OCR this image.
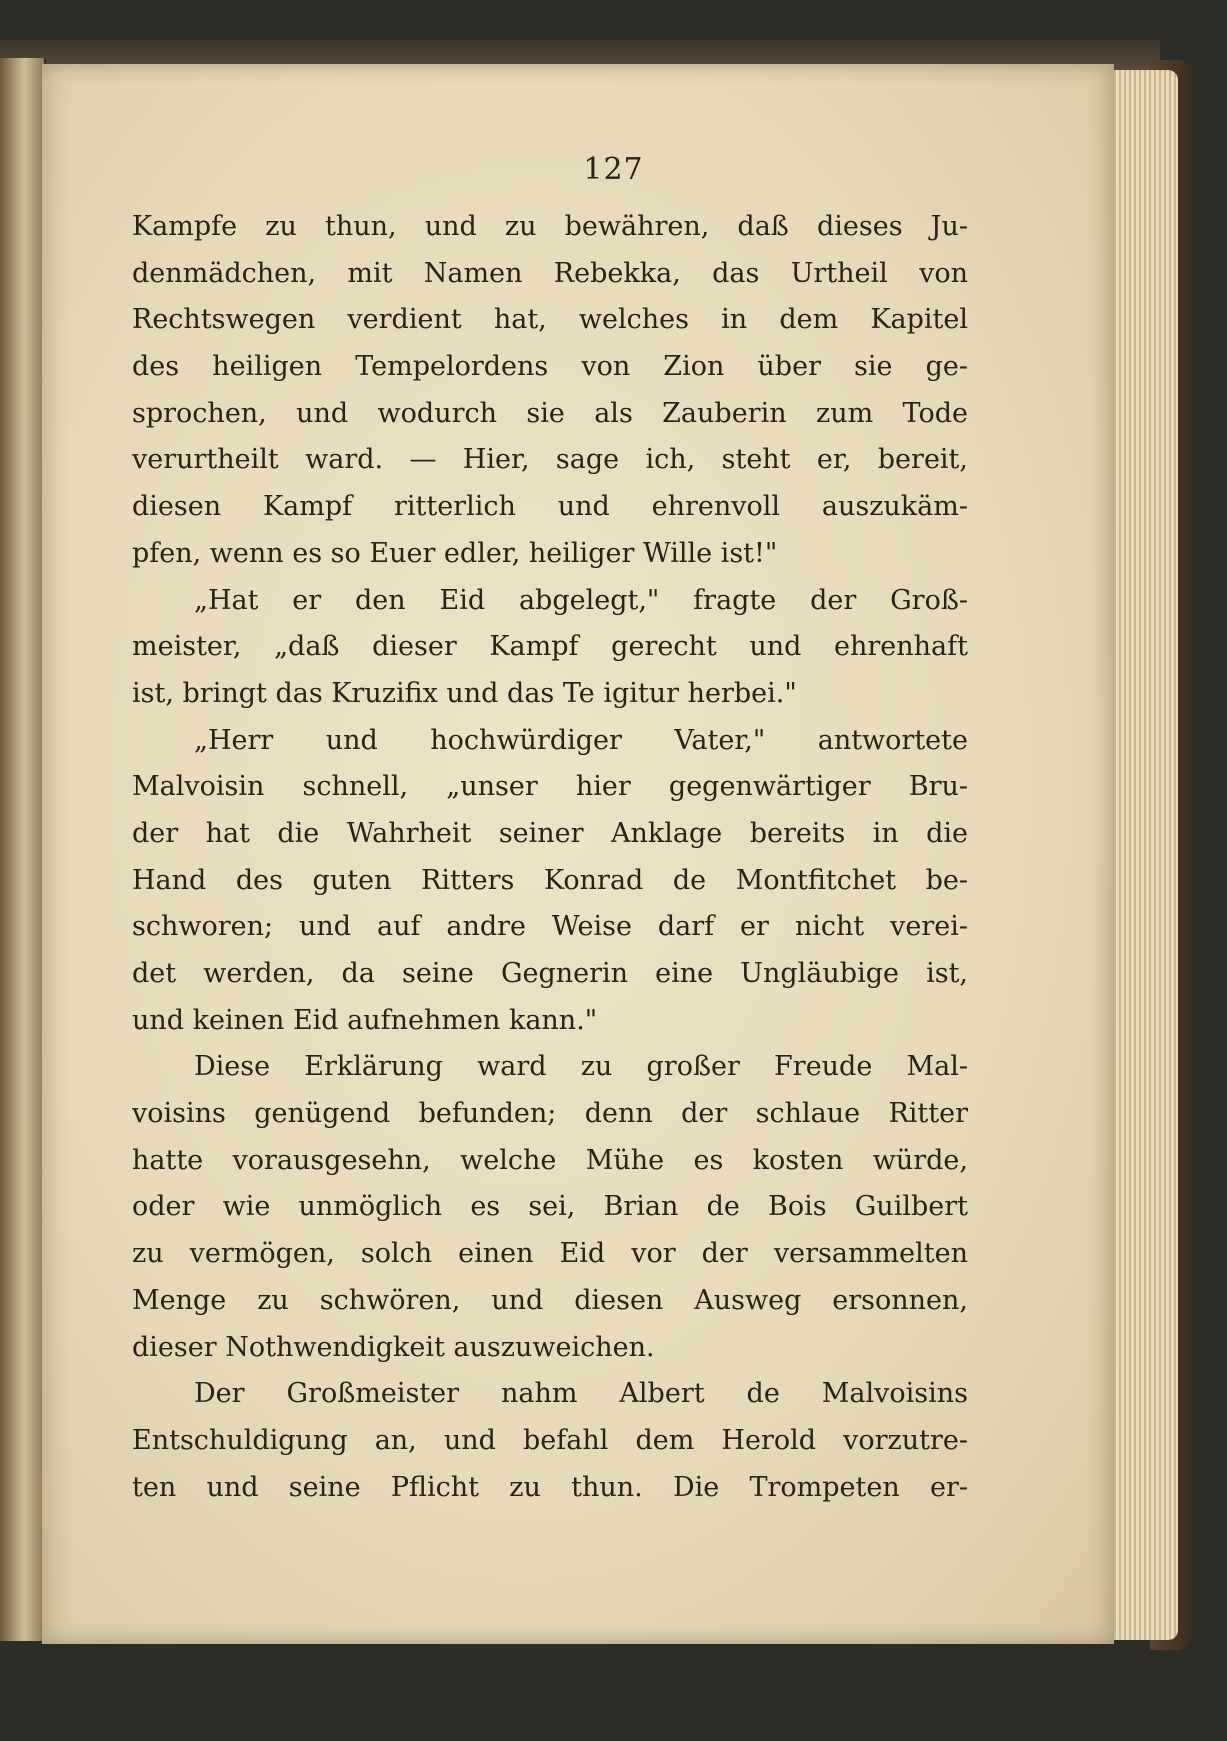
127
Kampfe zu thun, und zu bewähren, daß dieses Ju-
denmädchen, mit Namen Rebekka, das Urtheil von
Rechtswegen verdient hat, welches in dem Kapitel
des heiligen Tempelordens von Zion über sie ge-
sprochen, und wodurch sie als Zauberin zum Tode
verurtheilt ward. — Hier, sage ich, steht er, bereit,
diesen Kampf ritterlich und ehrenvoll auszukäm-
pfen, wenn es so Euer edler, heiliger Wille ist!"
„Hat er den Eid abgelegt," fragte der Groß-
meister, „daß dieser Kampf gerecht und ehrenhaft
ist, bringt das Kruzifix und das Te igitur herbei."
„Herr und hochwürdiger Vater," antwortete
Malvoisin schnell, „unser hier gegenwärtiger Bru-
der hat die Wahrheit seiner Anklage bereits in die
Hand des guten Ritters Konrad de Montfitchet be-
schworen; und auf andre Weise darf er nicht verei-
det werden, da seine Gegnerin eine Ungläubige ist,
und keinen Eid aufnehmen kann."
Diese Erklärung ward zu großer Freude Mal-
voisins genügend befunden; denn der schlaue Ritter
hatte vorausgesehn, welche Mühe es kosten würde,
oder wie unmöglich es sei, Brian de Bois Guilbert
zu vermögen, solch einen Eid vor der versammelten
Menge zu schwören, und diesen Ausweg ersonnen,
dieser Nothwendigkeit auszuweichen.
Der Großmeister nahm Albert de Malvoisins
Entschuldigung an, und befahl dem Herold vorzutre-
ten und seine Pflicht zu thun. Die Trompeten er-
